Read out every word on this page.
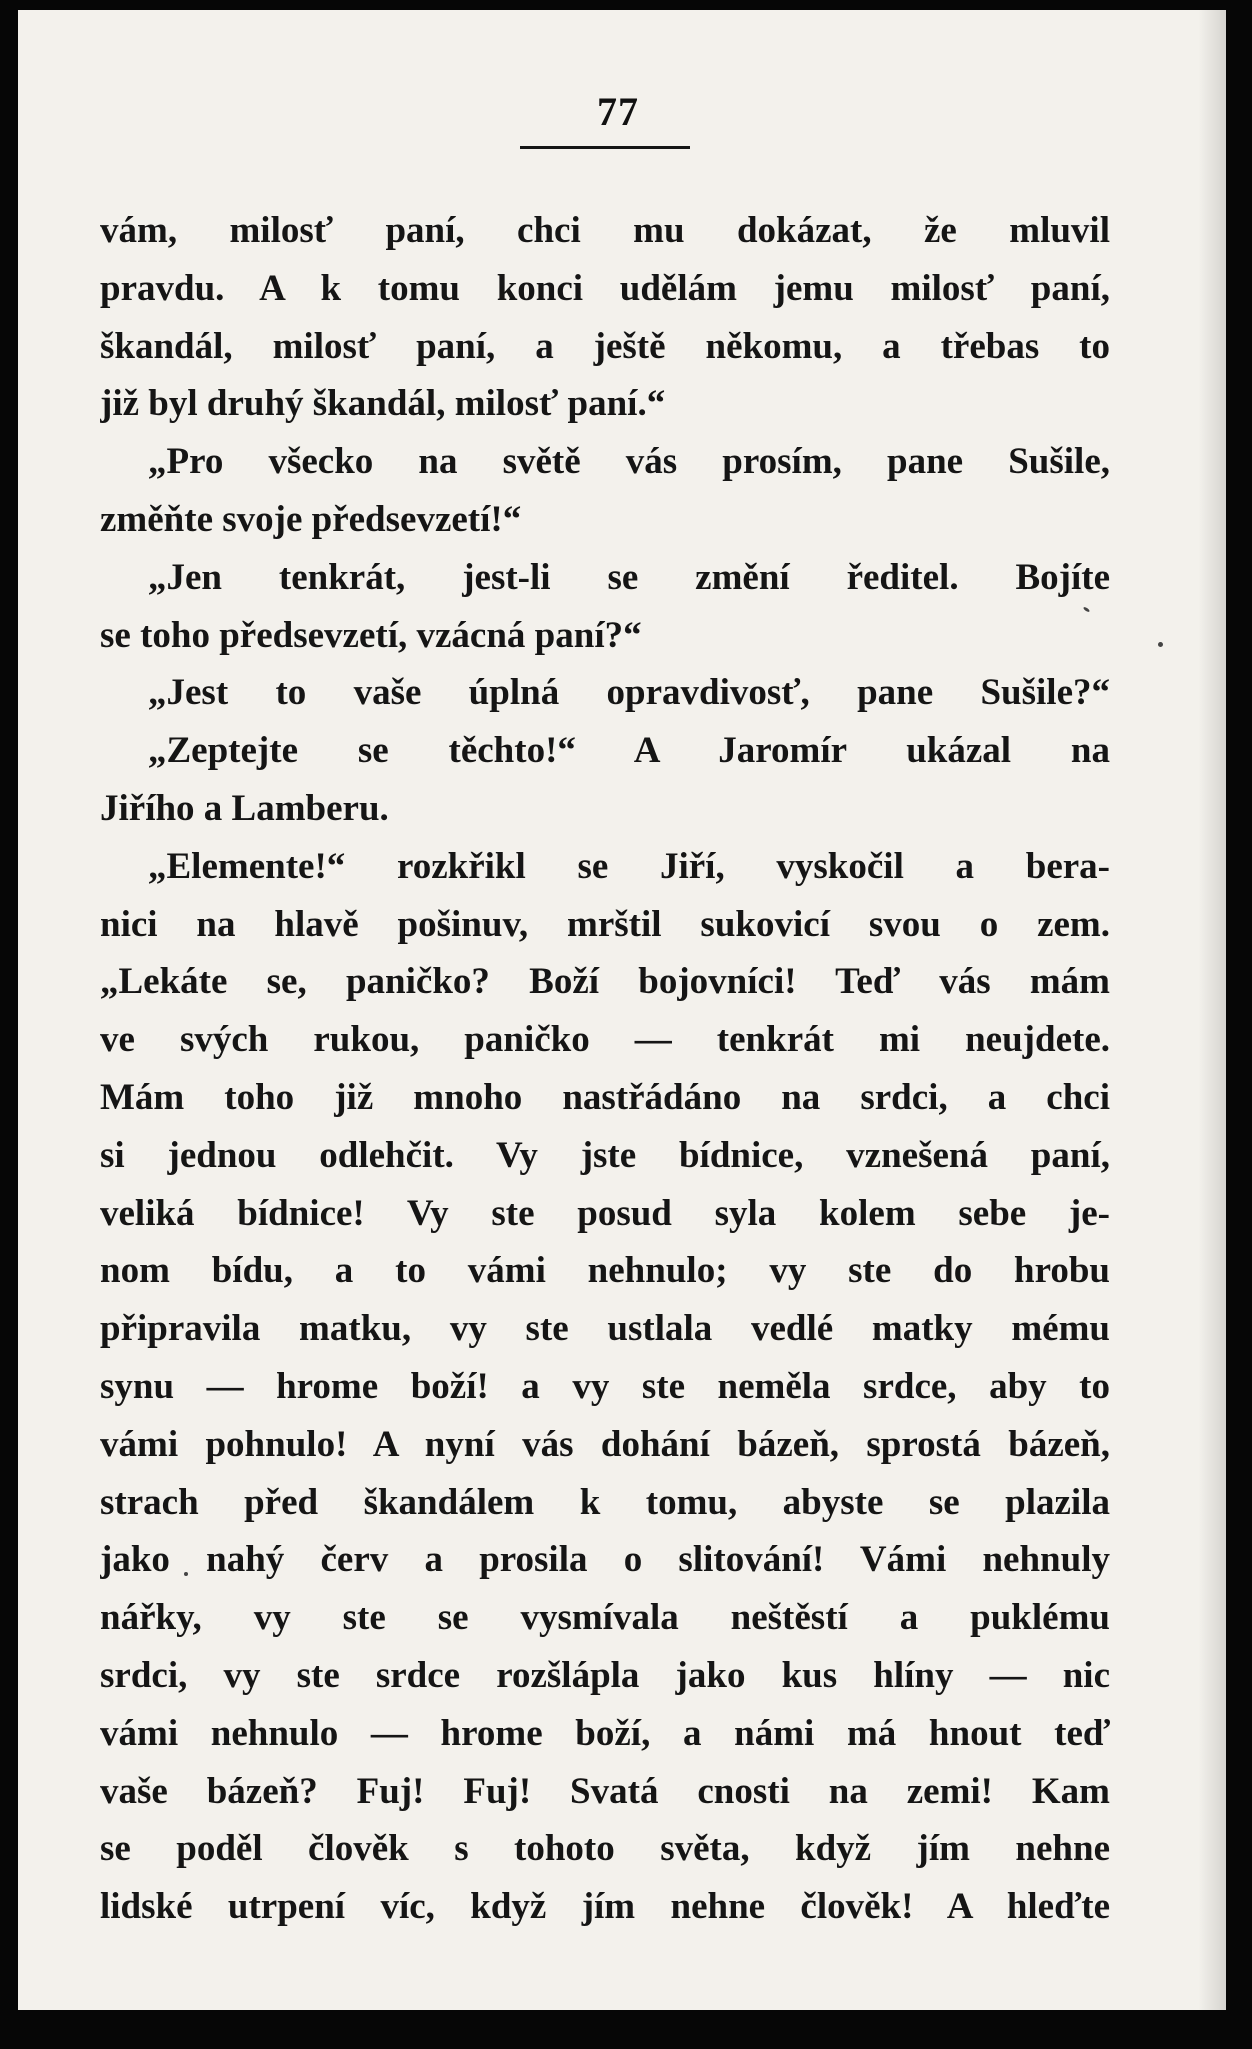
77
vám, milosť paní, chci mu dokázat, že mluvil
pravdu. A k tomu konci udělám jemu milosť paní,
škandál, milosť paní, a ještě někomu, a třebas to
již byl druhý škandál, milosť paní.“
„Pro všecko na světě vás prosím, pane Sušile,
změňte svoje předsevzetí!“
„Jen tenkrát, jest-li se změní ředitel. Bojíte
se toho předsevzetí, vzácná paní?“
„Jest to vaše úplná opravdivosť, pane Sušile?“
„Zeptejte se těchto!“ A Jaromír ukázal na
Jiřího a Lamberu.
„Elemente!“ rozkřikl se Jiří, vyskočil a bera-
nici na hlavě pošinuv, mrštil sukovicí svou o zem.
„Lekáte se, paničko? Boží bojovníci! Teď vás mám
ve svých rukou, paničko — tenkrát mi neujdete.
Mám toho již mnoho nastřádáno na srdci, a chci
si jednou odlehčit. Vy jste bídnice, vznešená paní,
veliká bídnice! Vy ste posud syla kolem sebe je-
nom bídu, a to vámi nehnulo; vy ste do hrobu
připravila matku, vy ste ustlala vedlé matky mému
synu — hrome boží! a vy ste neměla srdce, aby to
vámi pohnulo! A nyní vás dohání bázeň, sprostá bázeň,
strach před škandálem k tomu, abyste se plazila
jako nahý červ a prosila o slitování! Vámi nehnuly
nářky, vy ste se vysmívala neštěstí a puklému
srdci, vy ste srdce rozšlápla jako kus hlíny — nic
vámi nehnulo — hrome boží, a námi má hnout teď
vaše bázeň? Fuj! Fuj! Svatá cnosti na zemi! Kam
se poděl člověk s tohoto světa, když jím nehne
lidské utrpení víc, když jím nehne člověk! A hleďte
